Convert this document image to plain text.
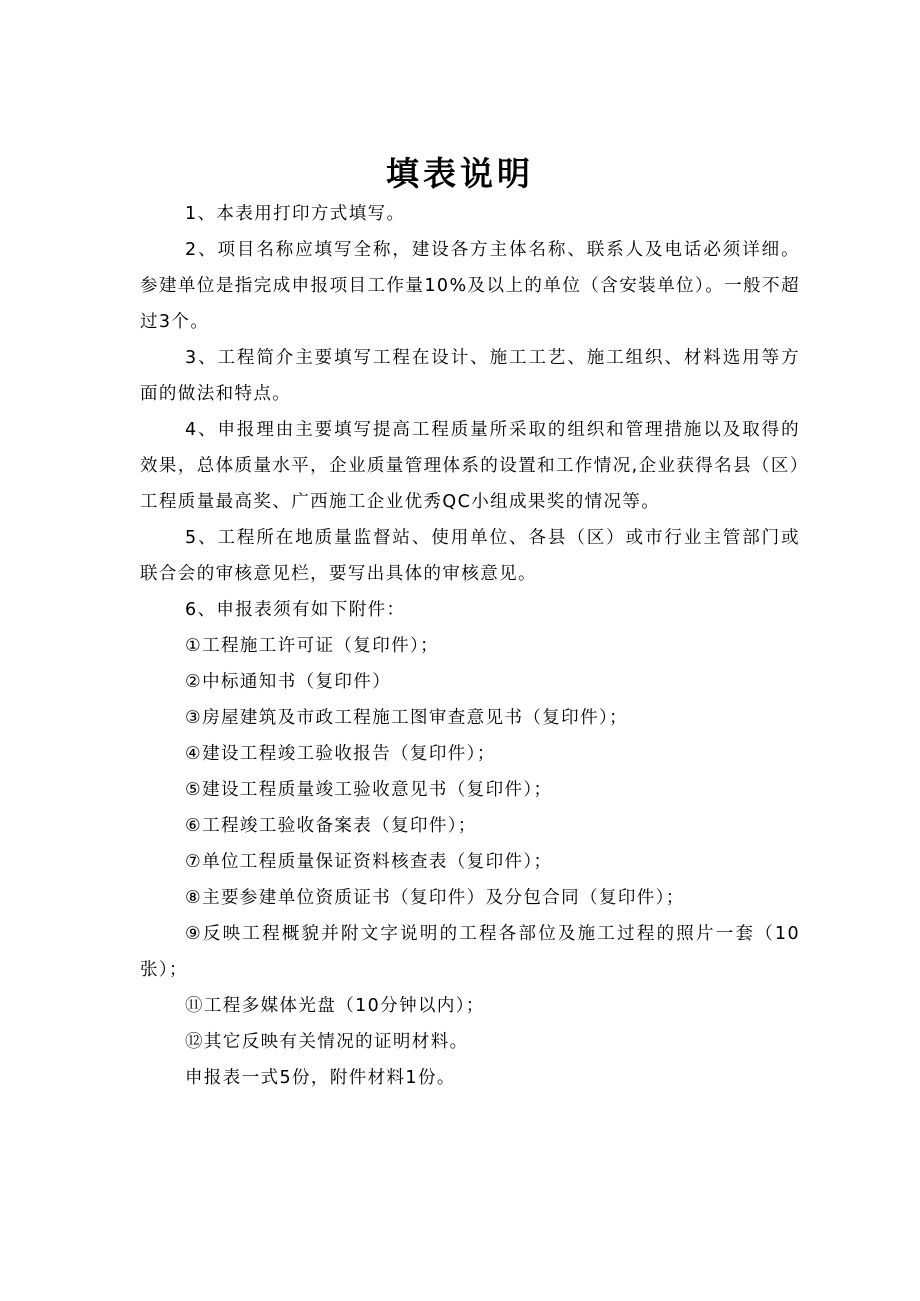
填表说明

1、本表用打印方式填写。

2、项目名称应填写全称，建设各方主体名称、联系人及电话必须详细。参建单位是指完成申报项目工作量10%及以上的单位（含安装单位）。一般不超过3个。

3、工程简介主要填写工程在设计、施工工艺、施工组织、材料选用等方面的做法和特点。

4、申报理由主要填写提高工程质量所采取的组织和管理措施以及取得的效果，总体质量水平，企业质量管理体系的设置和工作情况,企业获得名县（区）工程质量最高奖、广西施工企业优秀QC小组成果奖的情况等。

5、工程所在地质量监督站、使用单位、各县（区）或市行业主管部门或联合会的审核意见栏，要写出具体的审核意见。

6、申报表须有如下附件：

①工程施工许可证（复印件）；

②中标通知书（复印件）

③房屋建筑及市政工程施工图审查意见书（复印件）；

④建设工程竣工验收报告（复印件）；

⑤建设工程质量竣工验收意见书（复印件）；

⑥工程竣工验收备案表（复印件）；

⑦单位工程质量保证资料核查表（复印件）；

⑧主要参建单位资质证书（复印件）及分包合同（复印件）；

⑨反映工程概貌并附文字说明的工程各部位及施工过程的照片一套（10张）；

⑪工程多媒体光盘（10分钟以内）；

⑫其它反映有关情况的证明材料。

申报表一式5份，附件材料1份。
